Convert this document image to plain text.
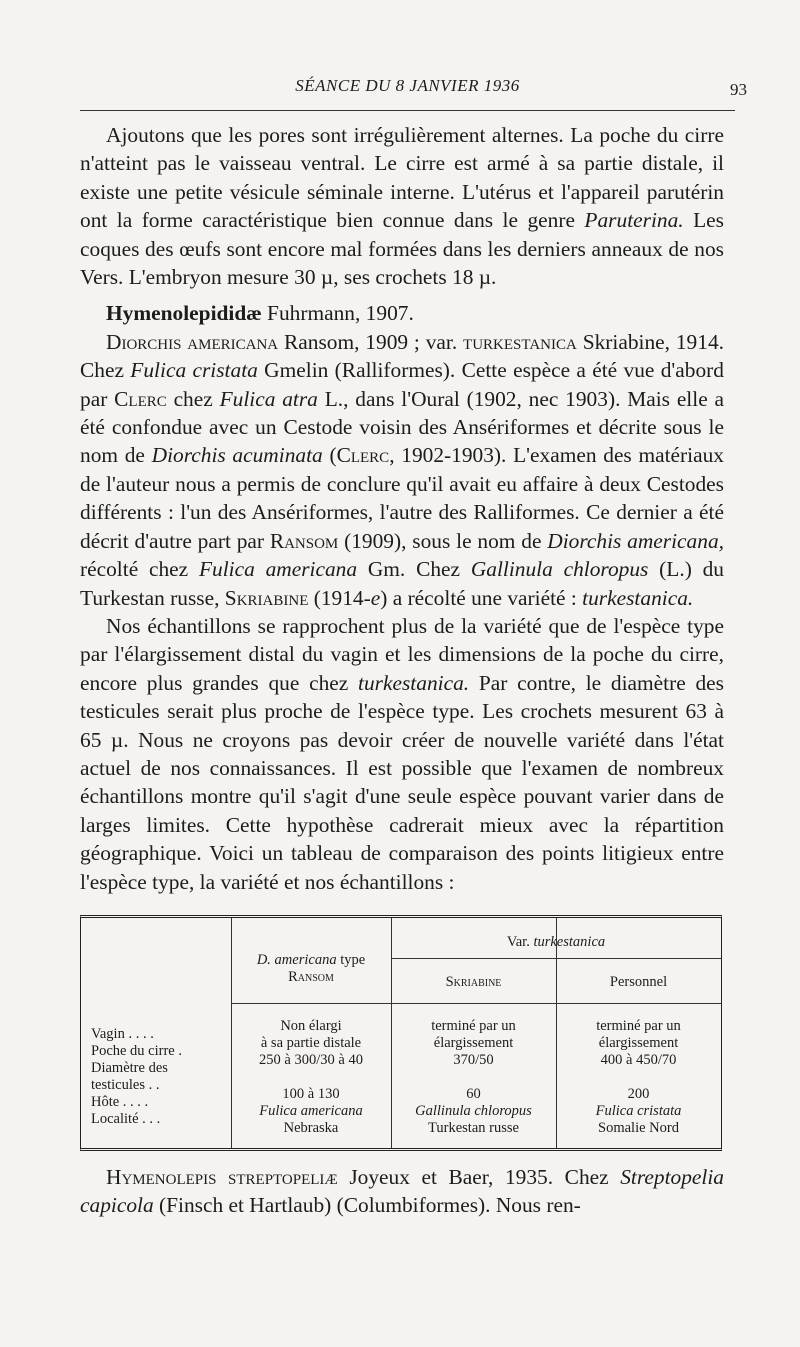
SÉANCE DU 8 JANVIER 1936	93

Ajoutons que les pores sont irrégulièrement alternes. La poche du cirre n'atteint pas le vaisseau ventral. Le cirre est armé à sa partie distale, il existe une petite vésicule séminale interne. L'utérus et l'appareil parutérin ont la forme caractéristique bien connue dans le genre Paruterina. Les coques des œufs sont encore mal formées dans les derniers anneaux de nos Vers. L'embryon mesure 30 µ, ses crochets 18 µ.

Hymenolepididæ Fuhrmann, 1907.

Diorchis americana Ransom, 1909 ; var. turkestanica Skriabine, 1914. Chez Fulica cristata Gmelin (Ralliformes). Cette espèce a été vue d'abord par Clerc chez Fulica atra L., dans l'Oural (1902, nec 1903). Mais elle a été confondue avec un Cestode voisin des Ansériformes et décrite sous le nom de Diorchis acuminata (Clerc, 1902-1903). L'examen des matériaux de l'auteur nous a permis de conclure qu'il avait eu affaire à deux Cestodes différents : l'un des Ansériformes, l'autre des Ralliformes. Ce dernier a été décrit d'autre part par Ransom (1909), sous le nom de Diorchis americana, récolté chez Fulica americana Gm. Chez Gallinula chloropus (L.) du Turkestan russe, Skriabine (1914-e) a récolté une variété : turkestanica.

Nos échantillons se rapprochent plus de la variété que de l'espèce type par l'élargissement distal du vagin et les dimensions de la poche du cirre, encore plus grandes que chez turkestanica. Par contre, le diamètre des testicules serait plus proche de l'espèce type. Les crochets mesurent 63 à 65 µ. Nous ne croyons pas devoir créer de nouvelle variété dans l'état actuel de nos connaissances. Il est possible que l'examen de nombreux échantillons montre qu'il s'agit d'une seule espèce pouvant varier dans de larges limites. Cette hypothèse cadrerait mieux avec la répartition géographique. Voici un tableau de comparaison des points litigieux entre l'espèce type, la variété et nos échantillons :

D. americana type
Ransom
Var. turkestanica
Skriabine	Personnel
Vagin . . . .
Poche du cirre .
Diamètre des
testicules . .
Hôte . . . .
Localité . . .
Non élargi
à sa partie distale
250 à 300/30 à 40
100 à 130
Fulica americana
Nebraska
terminé par un
élargissement
370/50
60
Gallinula chloropus
Turkestan russe
terminé par un
élargissement
400 à 450/70
200
Fulica cristata
Somalie Nord

Hymenolepis streptopeliæ Joyeux et Baer, 1935. Chez Streptopelia capicola (Finsch et Hartlaub) (Columbiformes). Nous ren-
